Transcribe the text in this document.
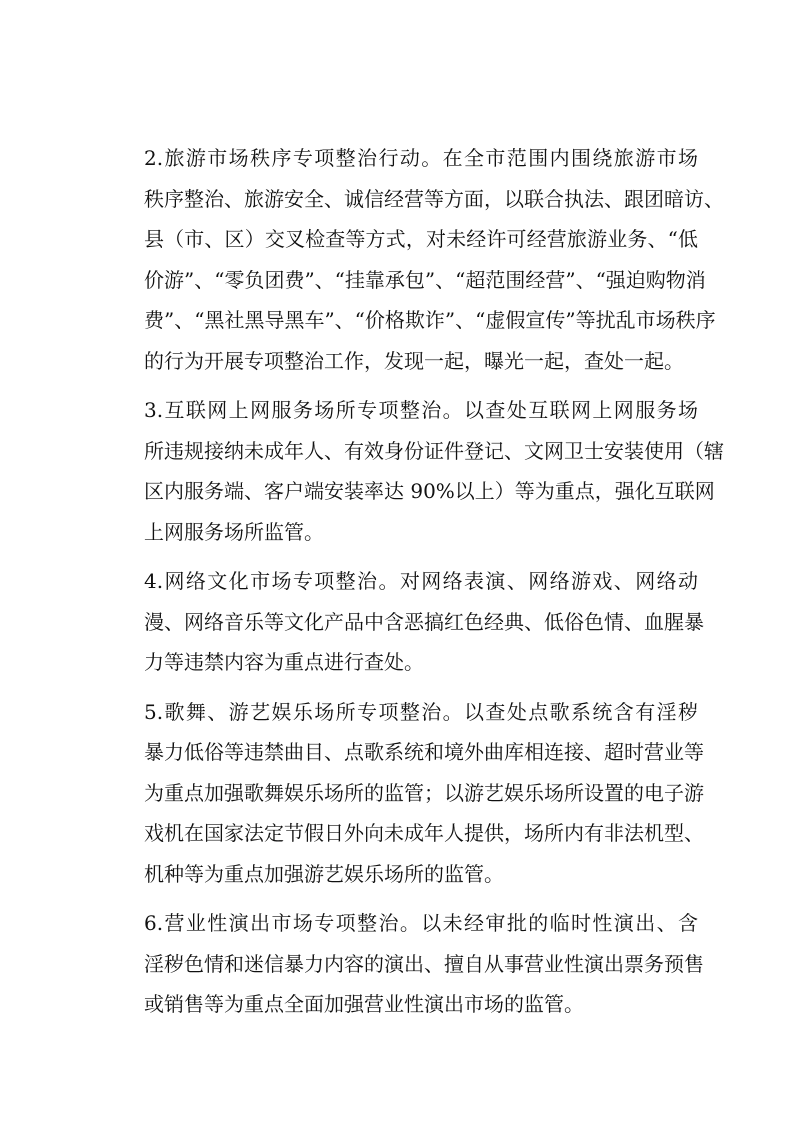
2.旅游市场秩序专项整治行动。在全市范围内围绕旅游市场
秩序整治、旅游安全、诚信经营等方面，以联合执法、跟团暗访、
县（市、区）交叉检查等方式，对未经许可经营旅游业务、“低
价游”、“零负团费”、“挂靠承包”、“超范围经营”、“强迫购物消
费”、“黑社黑导黑车”、“价格欺诈”、“虚假宣传”等扰乱市场秩序
的行为开展专项整治工作，发现一起，曝光一起，查处一起。
3.互联网上网服务场所专项整治。以查处互联网上网服务场
所违规接纳未成年人、有效身份证件登记、文网卫士安装使用（辖
区内服务端、客户端安装率达 90%以上）等为重点，强化互联网
上网服务场所监管。
4.网络文化市场专项整治。对网络表演、网络游戏、网络动
漫、网络音乐等文化产品中含恶搞红色经典、低俗色情、血腥暴
力等违禁内容为重点进行查处。
5.歌舞、游艺娱乐场所专项整治。以查处点歌系统含有淫秽
暴力低俗等违禁曲目、点歌系统和境外曲库相连接、超时营业等
为重点加强歌舞娱乐场所的监管；以游艺娱乐场所设置的电子游
戏机在国家法定节假日外向未成年人提供，场所内有非法机型、
机种等为重点加强游艺娱乐场所的监管。
6.营业性演出市场专项整治。以未经审批的临时性演出、含
淫秽色情和迷信暴力内容的演出、擅自从事营业性演出票务预售
或销售等为重点全面加强营业性演出市场的监管。
